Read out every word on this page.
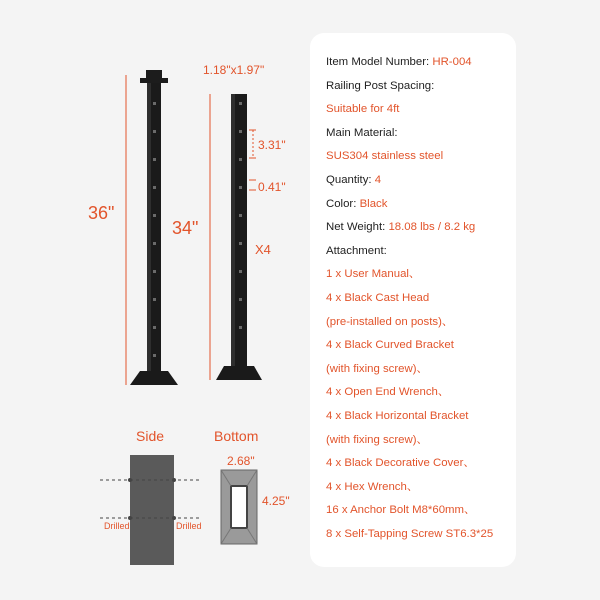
36"
34"
1.18"x1.97"
3.31"
0.41"
X4
Side	Bottom
Drilled	Drilled
2.68"
4.25"
Item Model Number: HR-004
Railing Post Spacing:
Suitable for 4ft
Main Material:
SUS304 stainless steel
Quantity: 4
Color: Black
Net Weight: 18.08 lbs / 8.2 kg
Attachment:
1 x User Manual、
4 x Black Cast Head
(pre-installed on posts)、
4 x Black Curved Bracket
(with fixing screw)、
4 x Open End Wrench、
4 x Black Horizontal Bracket
(with fixing screw)、
4 x Black Decorative Cover、
4 x Hex Wrench、
16 x Anchor Bolt M8*60mm、
8 x Self-Tapping Screw ST6.3*25
